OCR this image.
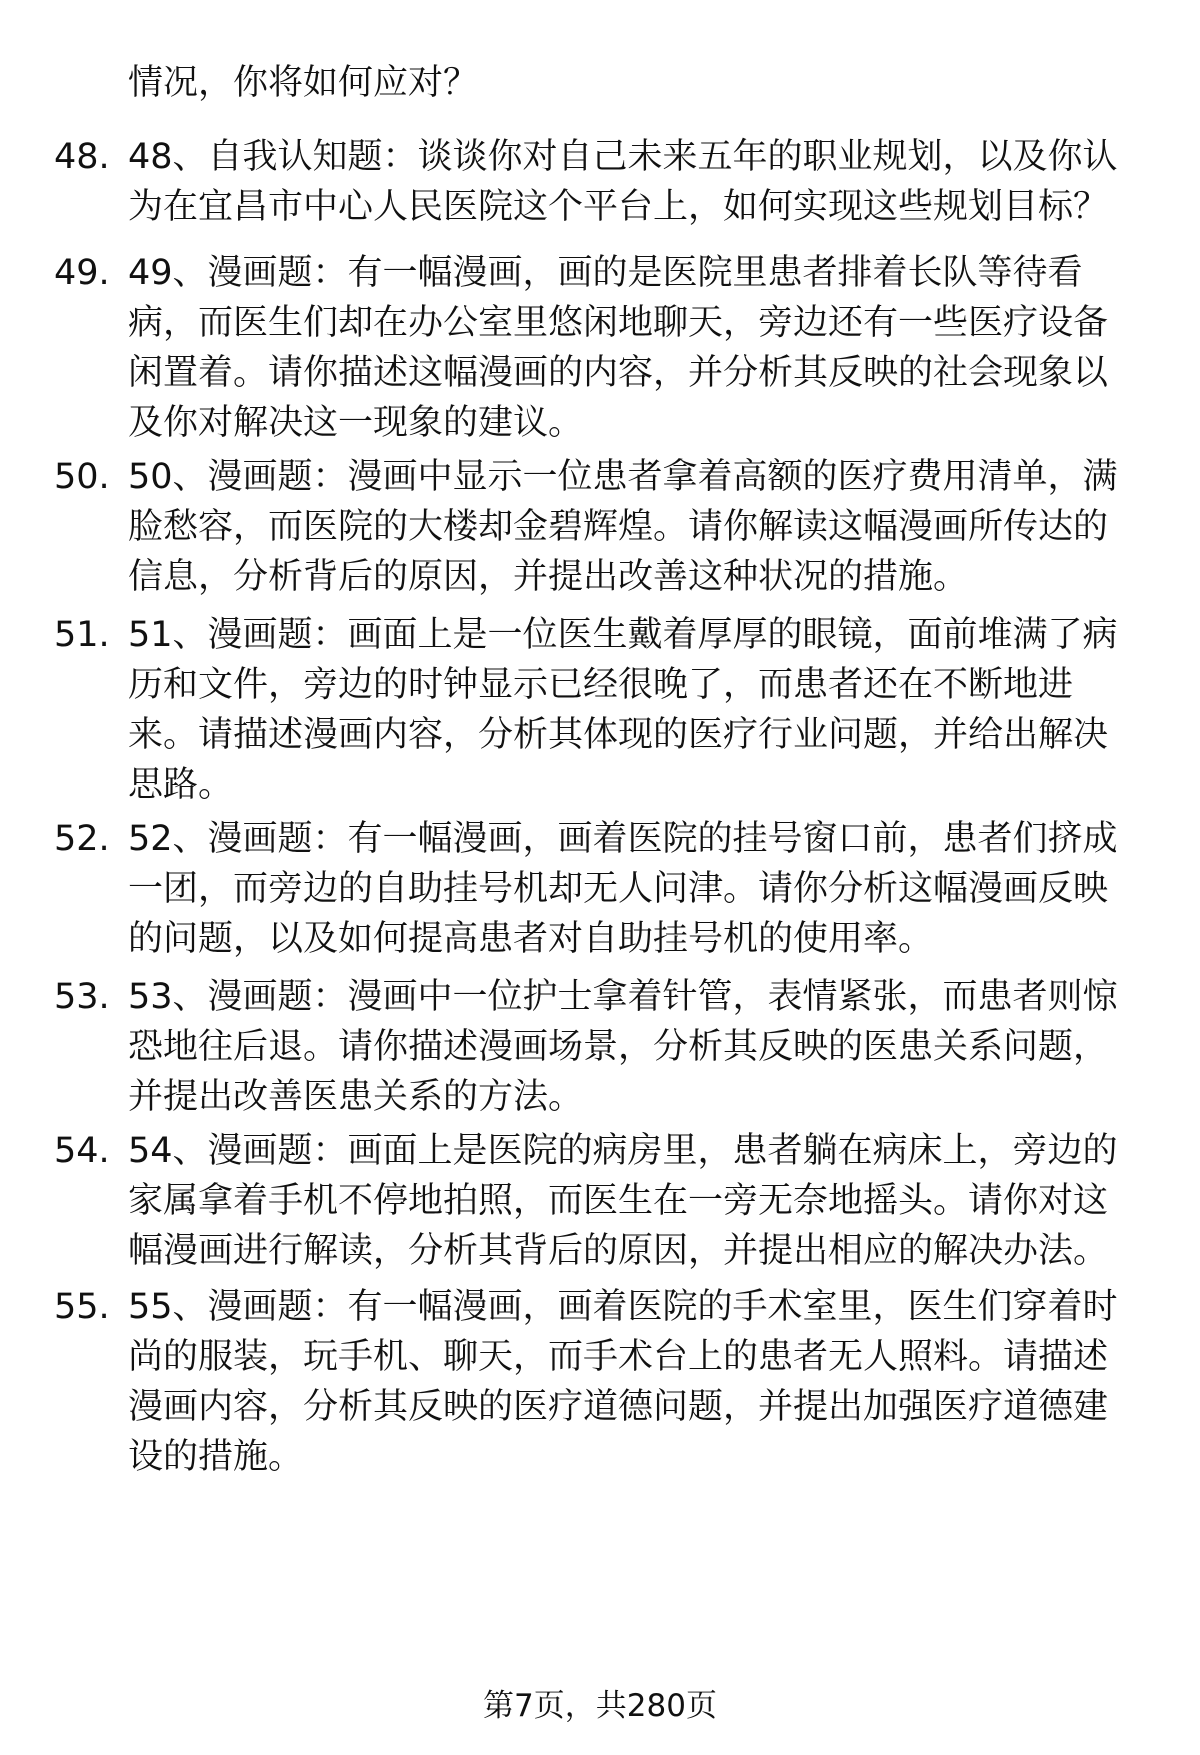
情况，你将如何应对？

48. 48、自我认知题：谈谈你对自己未来五年的职业规划，以及你认为在宜昌市中心人民医院这个平台上，如何实现这些规划目标？
49. 49、漫画题：有一幅漫画，画的是医院里患者排着长队等待看病，而医生们却在办公室里悠闲地聊天，旁边还有一些医疗设备闲置着。请你描述这幅漫画的内容，并分析其反映的社会现象以及你对解决这一现象的建议。
50. 50、漫画题：漫画中显示一位患者拿着高额的医疗费用清单，满脸愁容，而医院的大楼却金碧辉煌。请你解读这幅漫画所传达的信息，分析背后的原因，并提出改善这种状况的措施。
51. 51、漫画题：画面上是一位医生戴着厚厚的眼镜，面前堆满了病历和文件，旁边的时钟显示已经很晚了，而患者还在不断地进来。请描述漫画内容，分析其体现的医疗行业问题，并给出解决思路。
52. 52、漫画题：有一幅漫画，画着医院的挂号窗口前，患者们挤成一团，而旁边的自助挂号机却无人问津。请你分析这幅漫画反映的问题，以及如何提高患者对自助挂号机的使用率。
53. 53、漫画题：漫画中一位护士拿着针管，表情紧张，而患者则惊恐地往后退。请你描述漫画场景，分析其反映的医患关系问题，并提出改善医患关系的方法。
54. 54、漫画题：画面上是医院的病房里，患者躺在病床上，旁边的家属拿着手机不停地拍照，而医生在一旁无奈地摇头。请你对这幅漫画进行解读，分析其背后的原因，并提出相应的解决办法。
55. 55、漫画题：有一幅漫画，画着医院的手术室里，医生们穿着时尚的服装，玩手机、聊天，而手术台上的患者无人照料。请描述漫画内容，分析其反映的医疗道德问题，并提出加强医疗道德建设的措施。
第7页，共280页
